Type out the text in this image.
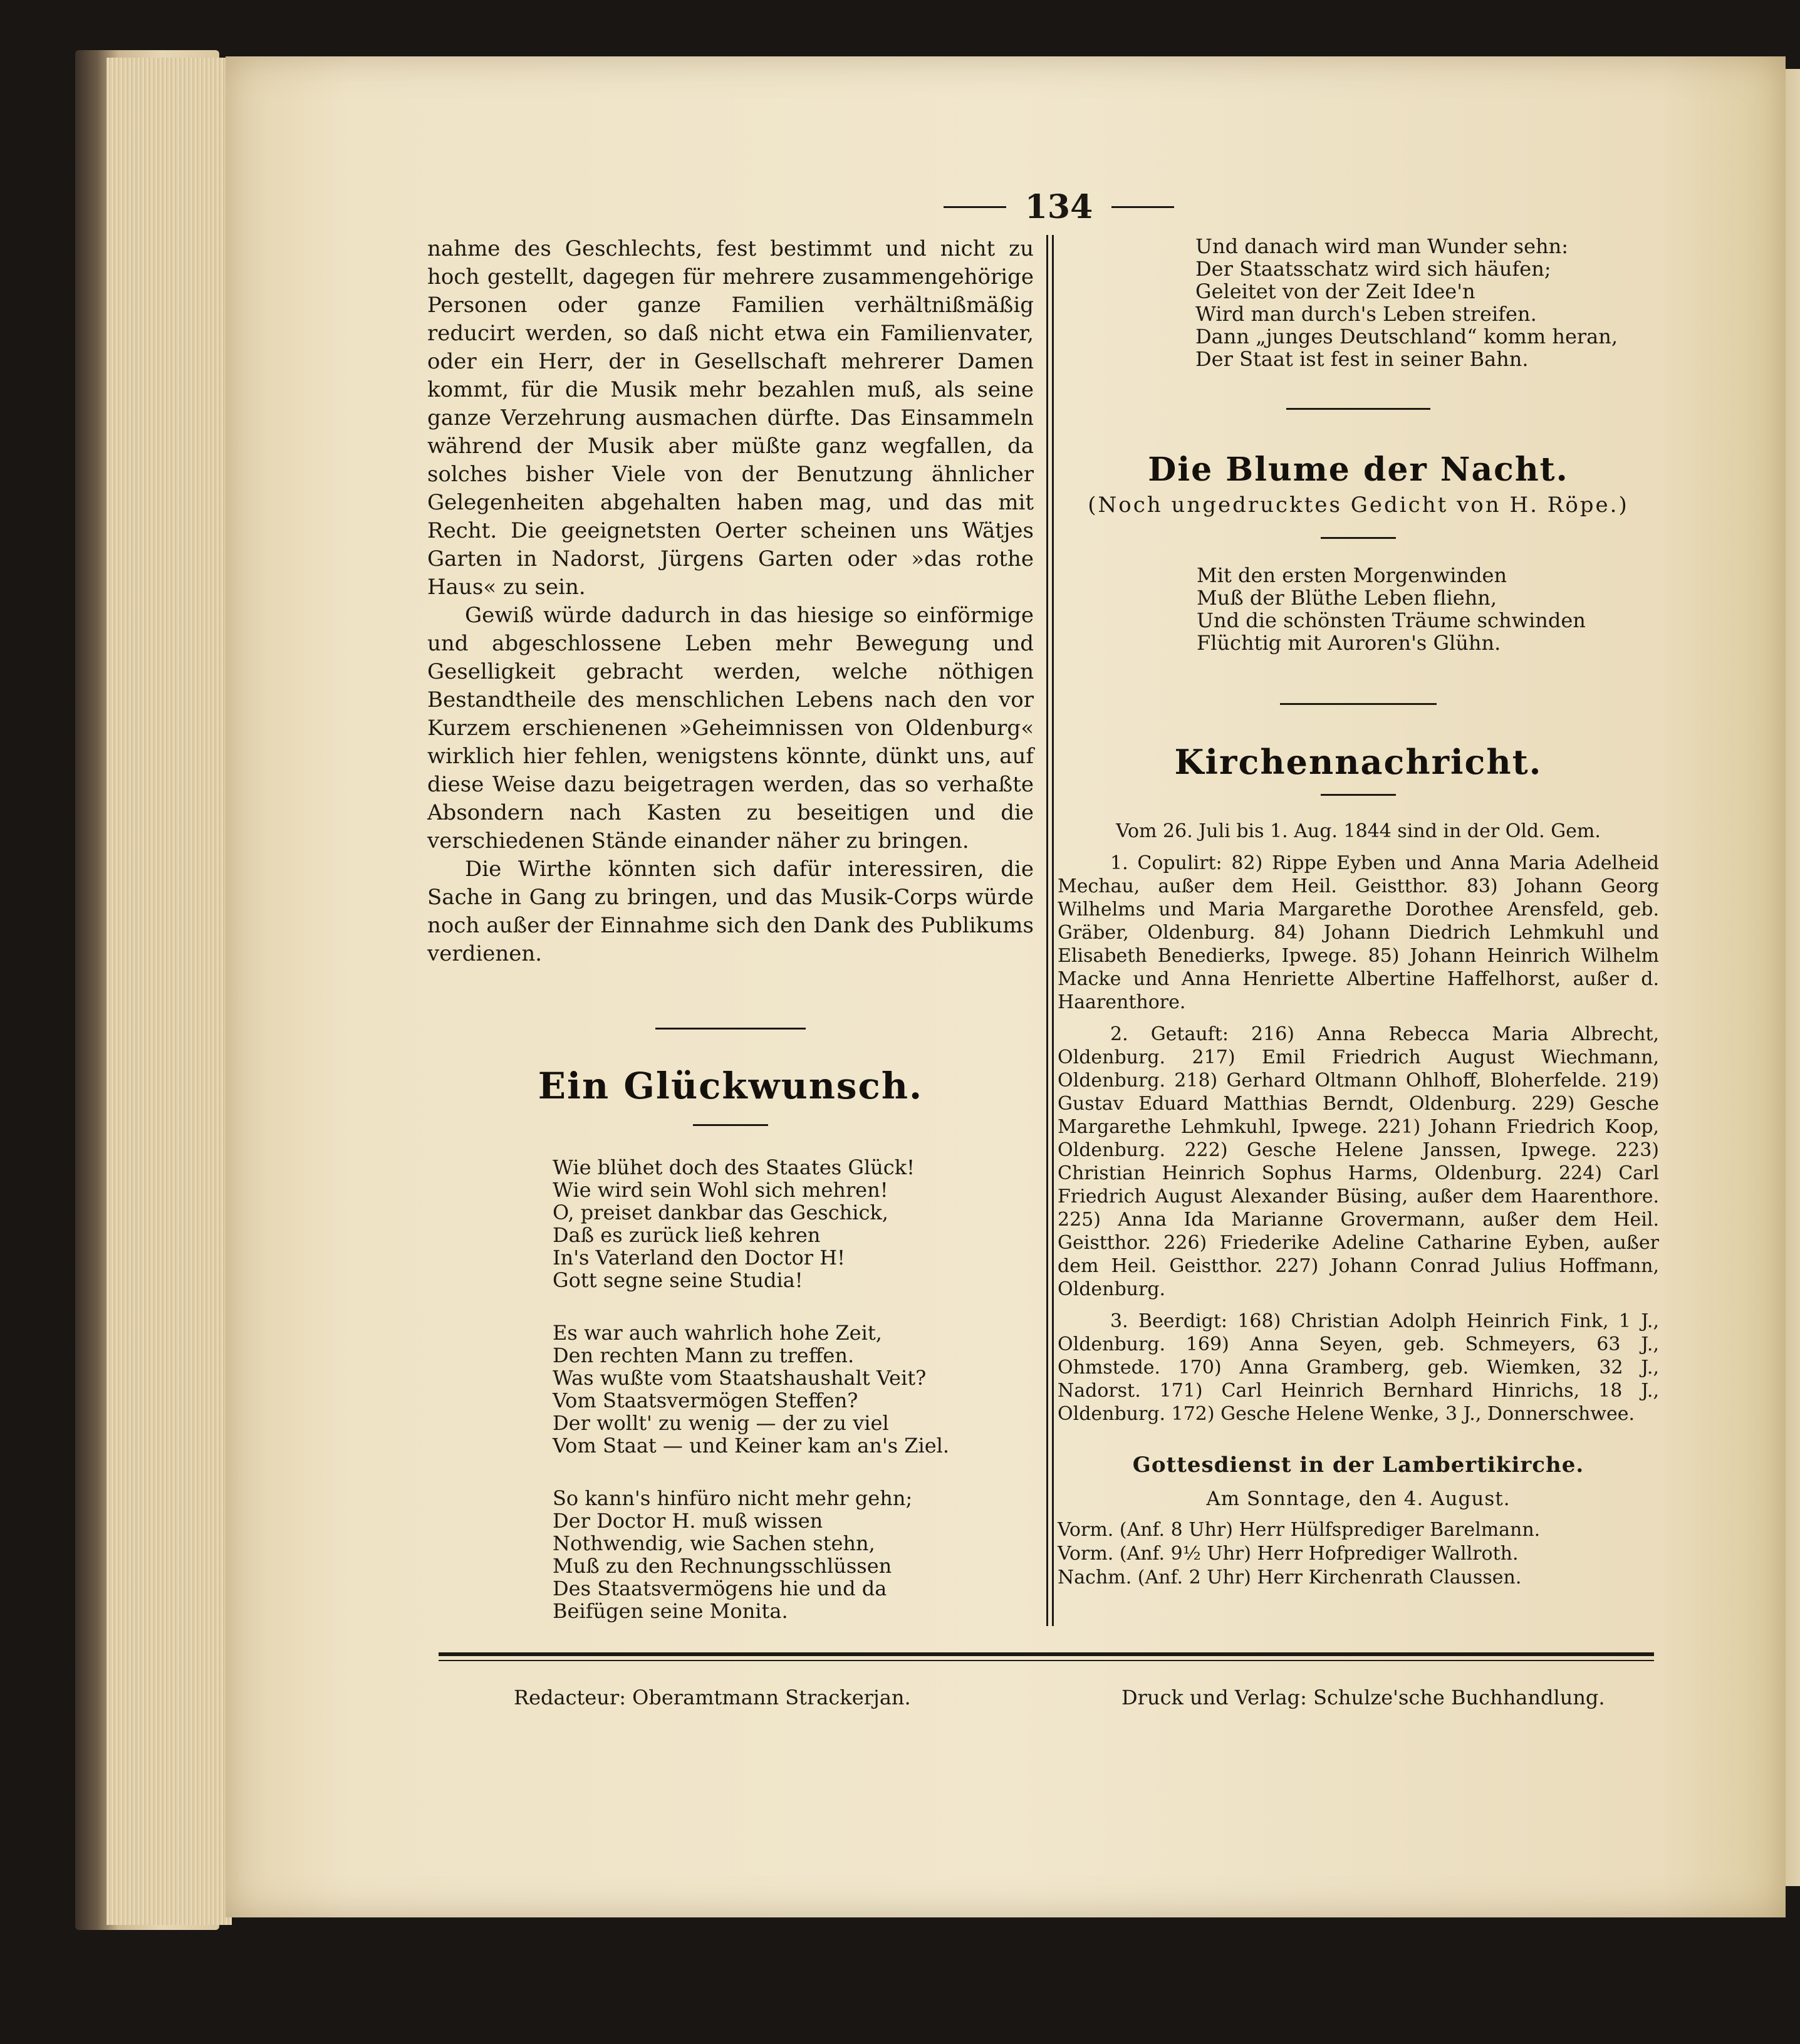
134

nahme des Geschlechts, fest bestimmt und nicht zu hoch gestellt, dagegen für mehrere zusammengehörige Personen oder ganze Familien verhältnißmäßig reducirt werden, so daß nicht etwa ein Familienvater, oder ein Herr, der in Gesellschaft mehrerer Damen kommt, für die Musik mehr bezahlen muß, als seine ganze Verzehrung ausmachen dürfte. Das Einsammeln während der Musik aber müßte ganz wegfallen, da solches bisher Viele von der Benutzung ähnlicher Gelegenheiten abgehalten haben mag, und das mit Recht. Die geeignetsten Oerter scheinen uns Wätjes Garten in Nadorst, Jürgens Garten oder »das rothe Haus« zu sein.

Gewiß würde dadurch in das hiesige so einförmige und abgeschlossene Leben mehr Bewegung und Geselligkeit gebracht werden, welche nöthigen Bestandtheile des menschlichen Lebens nach den vor Kurzem erschienenen »Geheimnissen von Oldenburg« wirklich hier fehlen, wenigstens könnte, dünkt uns, auf diese Weise dazu beigetragen werden, das so verhaßte Absondern nach Kasten zu beseitigen und die verschiedenen Stände einander näher zu bringen.

Die Wirthe könnten sich dafür interessiren, die Sache in Gang zu bringen, und das Musik-Corps würde noch außer der Einnahme sich den Dank des Publikums verdienen.

Ein Glückwunsch.
Wie blühet doch des Staates Glück!
Wie wird sein Wohl sich mehren!
O, preiset dankbar das Geschick,
Daß es zurück ließ kehren
In's Vaterland den Doctor H!
Gott segne seine Studia!
Es war auch wahrlich hohe Zeit,
Den rechten Mann zu treffen.
Was wußte vom Staatshaushalt Veit?
Vom Staatsvermögen Steffen?
Der wollt' zu wenig — der zu viel
Vom Staat — und Keiner kam an's Ziel.
So kann's hinfüro nicht mehr gehn;
Der Doctor H. muß wissen
Nothwendig, wie Sachen stehn,
Muß zu den Rechnungsschlüssen
Des Staatsvermögens hie und da
Beifügen seine Monita.
Und danach wird man Wunder sehn:
Der Staatsschatz wird sich häufen;
Geleitet von der Zeit Idee'n
Wird man durch's Leben streifen.
Dann „junges Deutschland“ komm heran,
Der Staat ist fest in seiner Bahn.
Die Blume der Nacht.
(Noch ungedrucktes Gedicht von H. Röpe.)
Mit den ersten Morgenwinden
Muß der Blüthe Leben fliehn,
Und die schönsten Träume schwinden
Flüchtig mit Auroren's Glühn.
Kirchennachricht.
Vom 26. Juli bis 1. Aug. 1844 sind in der Old. Gem.
1. Copulirt: 82) Rippe Eyben und Anna Maria Adelheid Mechau, außer dem Heil. Geistthor. 83) Johann Georg Wilhelms und Maria Margarethe Dorothee Arensfeld, geb. Gräber, Oldenburg. 84) Johann Diedrich Lehmkuhl und Elisabeth Benedierks, Ipwege. 85) Johann Heinrich Wilhelm Macke und Anna Henriette Albertine Haffelhorst, außer d. Haarenthore.
2. Getauft: 216) Anna Rebecca Maria Albrecht, Oldenburg. 217) Emil Friedrich August Wiechmann, Oldenburg. 218) Gerhard Oltmann Ohlhoff, Bloherfelde. 219) Gustav Eduard Matthias Berndt, Oldenburg. 229) Gesche Margarethe Lehmkuhl, Ipwege. 221) Johann Friedrich Koop, Oldenburg. 222) Gesche Helene Janssen, Ipwege. 223) Christian Heinrich Sophus Harms, Oldenburg. 224) Carl Friedrich August Alexander Büsing, außer dem Haarenthore. 225) Anna Ida Marianne Grovermann, außer dem Heil. Geistthor. 226) Friederike Adeline Catharine Eyben, außer dem Heil. Geistthor. 227) Johann Conrad Julius Hoffmann, Oldenburg.
3. Beerdigt: 168) Christian Adolph Heinrich Fink, 1 J., Oldenburg. 169) Anna Seyen, geb. Schmeyers, 63 J., Ohmstede. 170) Anna Gramberg, geb. Wiemken, 32 J., Nadorst. 171) Carl Heinrich Bernhard Hinrichs, 18 J., Oldenburg. 172) Gesche Helene Wenke, 3 J., Donnerschwee.
Gottesdienst in der Lambertikirche.
Am Sonntage, den 4. August.
Vorm. (Anf. 8 Uhr) Herr Hülfsprediger Barelmann.
Vorm. (Anf. 9½ Uhr) Herr Hofprediger Wallroth.
Nachm. (Anf. 2 Uhr) Herr Kirchenrath Claussen.
Redacteur: Oberamtmann Strackerjan.	Druck und Verlag: Schulze'sche Buchhandlung.
